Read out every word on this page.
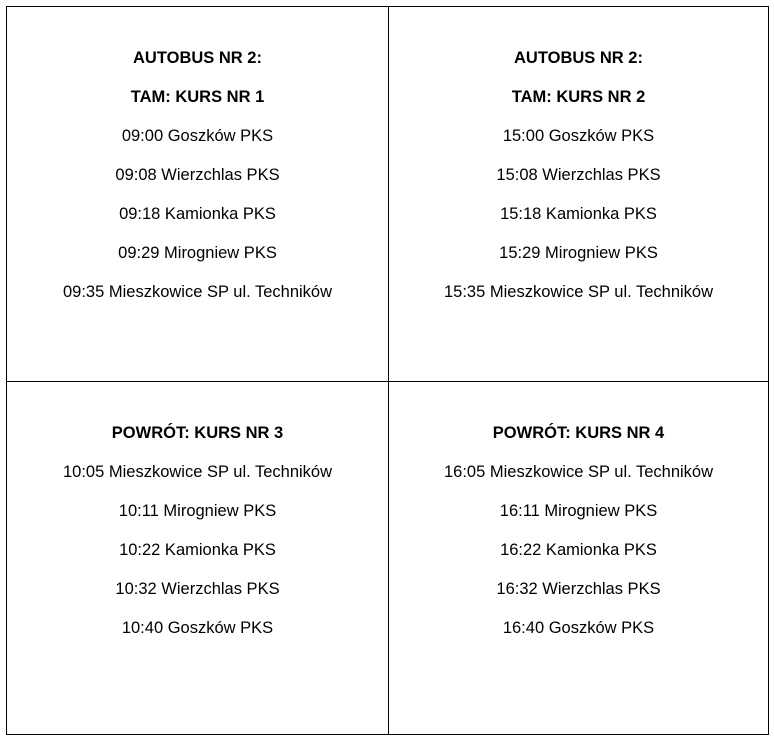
AUTOBUS NR 2:
TAM: KURS NR 1
09:00 Goszków PKS
09:08 Wierzchlas PKS
09:18 Kamionka PKS
09:29 Mirogniew PKS
09:35 Mieszkowice SP ul. Techników
AUTOBUS NR 2:
TAM: KURS NR 2
15:00 Goszków PKS
15:08 Wierzchlas PKS
15:18 Kamionka PKS
15:29 Mirogniew PKS
15:35 Mieszkowice SP ul. Techników
POWRÓT: KURS NR 3
10:05 Mieszkowice SP ul. Techników
10:11 Mirogniew PKS
10:22 Kamionka PKS
10:32 Wierzchlas PKS
10:40 Goszków PKS
POWRÓT: KURS NR 4
16:05 Mieszkowice SP ul. Techników
16:11 Mirogniew PKS
16:22 Kamionka PKS
16:32 Wierzchlas PKS
16:40 Goszków PKS
